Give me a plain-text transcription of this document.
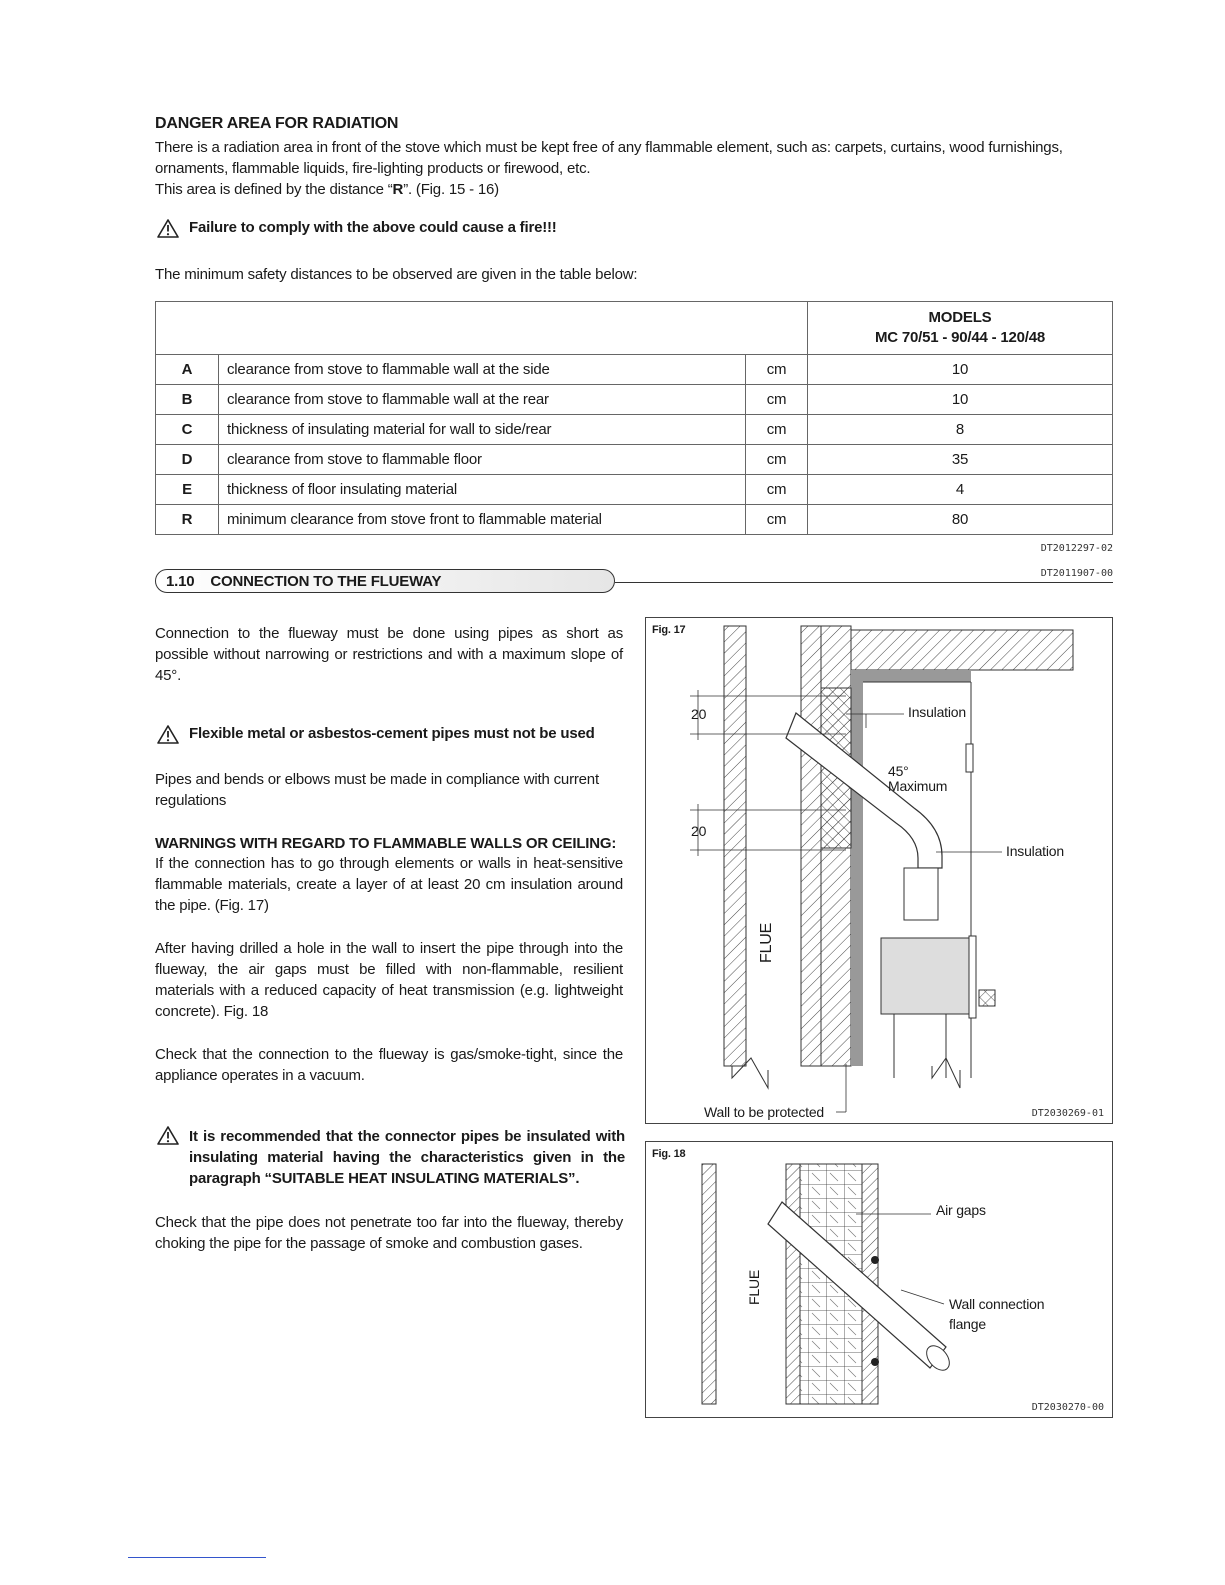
DANGER AREA FOR RADIATION
There is a radiation area in front of the stove which must be kept free of any flammable element, such as: carpets, curtains, wood furnishings,
ornaments, flammable liquids, fire-lighting products or firewood, etc.
This area is defined by the distance “R”. (Fig. 15 - 16)
Failure to comply with the above could cause a fire!!!
The minimum safety distances to be observed are given in the table below:

			MODELS
MC 70/51 - 90/44 - 120/48

A	clearance from stove to flammable wall at the side	cm	10
B	clearance from stove to flammable wall at the rear	cm	10
C	thickness of insulating material for wall to side/rear	cm	8
D	clearance from stove to flammable floor	cm	35
E	thickness of floor insulating material	cm	4
R	minimum clearance from stove front to flammable material	cm	80
DT2012297-02
1.10 CONNECTION TO THE FLUEWAY	DT2011907-00
Connection to the flueway must be done using pipes as short as possible without narrowing or restrictions and with a maximum slope of 45°.
Flexible metal or asbestos-cement pipes must not be used
Pipes and bends or elbows must be made in compliance with current regulations
WARNINGS WITH REGARD TO FLAMMABLE WALLS OR CEILING:
If the connection has to go through elements or walls in heat-sensitive flammable materials, create a layer of at least 20 cm insulation around the pipe. (Fig. 17)
After having drilled a hole in the wall to insert the pipe through into the flueway, the air gaps must be filled with non-flammable, resilient materials with a reduced capacity of heat transmission (e.g. lightweight concrete). Fig. 18
Check that the connection to the flueway is gas/smoke-tight, since the appliance operates in a vacuum.
It is recommended that the connector pipes be insulated with insulating material having the characteristics given in the paragraph “SUITABLE HEAT INSULATING MATERIALS”.
Check that the pipe does not penetrate too far into the flueway, thereby choking the pipe for the passage of smoke and combustion gases.
Fig. 17
20
20
Insulation
45°
Maximum
Insulation
FLUE
Wall to be protected	DT2030269-01
Fig. 18
Air gaps
Wall connection
flange
FLUE
DT2030270-00
